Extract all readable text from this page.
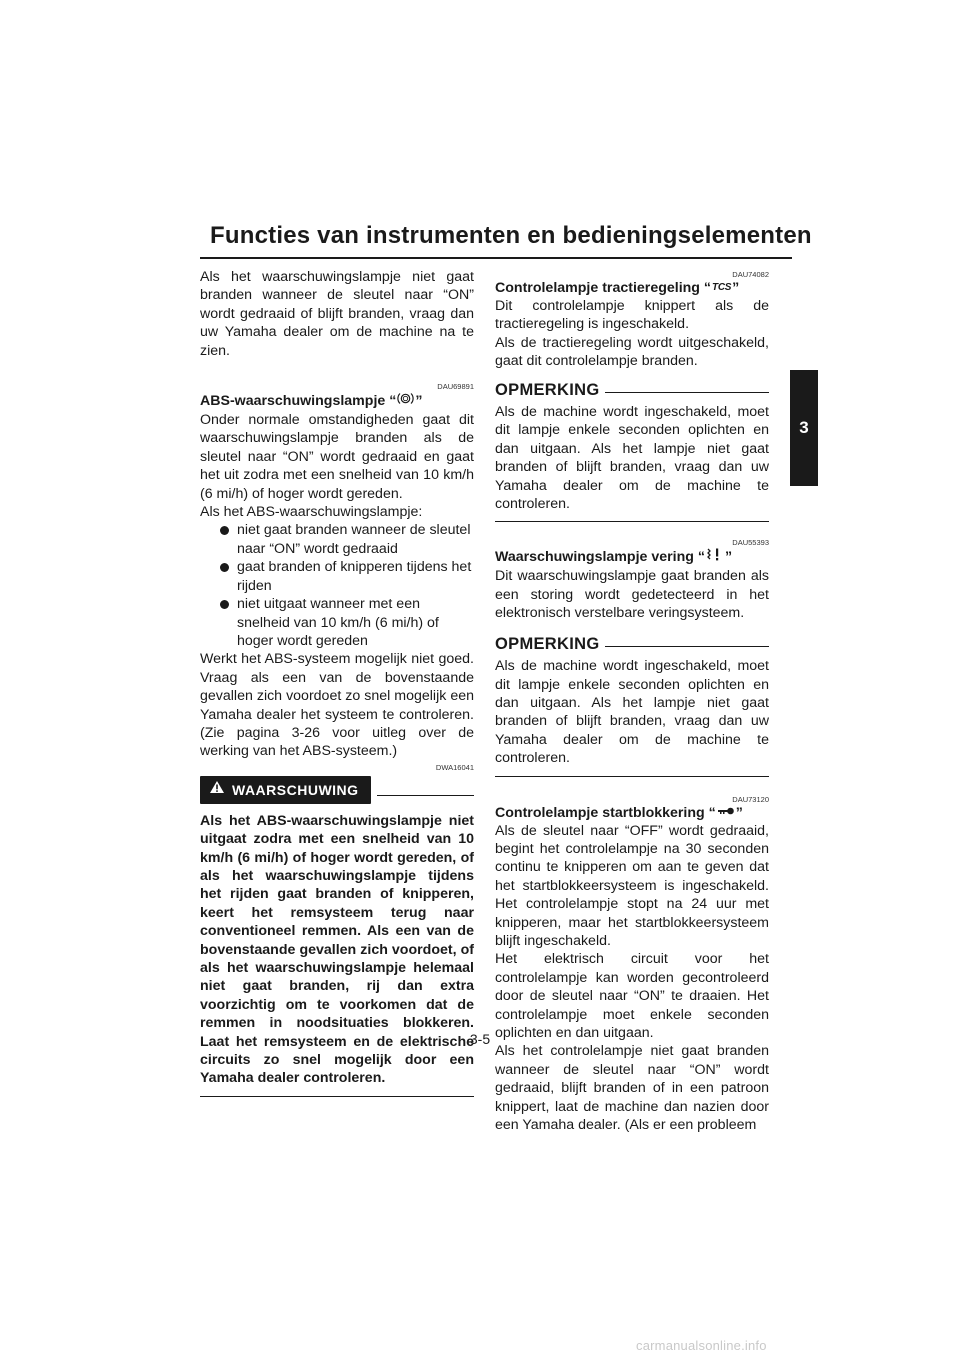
Functies van instrumenten en bedieningselementen
3

Als het waarschuwingslampje niet gaat branden wanneer de sleutel naar “ON” wordt gedraaid of blijft branden, vraag dan uw Yamaha dealer om de machine na te zien.

DAU69891
ABS-waarschuwingslampje “ ”

Onder normale omstandigheden gaat dit waarschuwingslampje branden als de sleutel naar “ON” wordt gedraaid en gaat het uit zodra met een snelheid van 10 km/h (6 mi/h) of hoger wordt gereden.

Als het ABS-waarschuwingslampje:

niet gaat branden wanneer de sleutel naar “ON” wordt gedraaid
gaat branden of knipperen tijdens het rijden
niet uitgaat wanneer met een snelheid van 10 km/h (6 mi/h) of hoger wordt gereden

Werkt het ABS-systeem mogelijk niet goed. Vraag als een van de bovenstaande gevallen zich voordoet zo snel mogelijk een Yamaha dealer het systeem te controleren. (Zie pagina 3-26 voor uitleg over de werking van het ABS-systeem.)

DWA16041
WAARSCHUWING

Als het ABS-waarschuwingslampje niet uitgaat zodra met een snelheid van 10 km/h (6 mi/h) of hoger wordt gereden, of als het waarschuwingslampje tijdens het rijden gaat branden of knipperen, keert het remsysteem terug naar conventioneel remmen. Als een van de bovenstaande gevallen zich voordoet, of als het waarschuwingslampje helemaal niet gaat branden, rij dan extra voorzichtig om te voorkomen dat de remmen in noodsituaties blokkeren. Laat het remsysteem en de elektrische circuits zo snel mogelijk door een Yamaha dealer controleren.

DAU74082
Controlelampje tractieregeling “ TCS ”

Dit controlelampje knippert als de tractieregeling is ingeschakeld.

Als de tractieregeling wordt uitgeschakeld, gaat dit controlelampje branden.

OPMERKING

Als de machine wordt ingeschakeld, moet dit lampje enkele seconden oplichten en dan uitgaan. Als het lampje niet gaat branden of blijft branden, vraag dan uw Yamaha dealer om de machine te controleren.

DAU55393
Waarschuwingslampje vering “ ”

Dit waarschuwingslampje gaat branden als een storing wordt gedetecteerd in het elektronisch verstelbare veringsysteem.

OPMERKING

Als de machine wordt ingeschakeld, moet dit lampje enkele seconden oplichten en dan uitgaan. Als het lampje niet gaat branden of blijft branden, vraag dan uw Yamaha dealer om de machine te controleren.

DAU73120
Controlelampje startblokkering “ ”

Als de sleutel naar “OFF” wordt gedraaid, begint het controlelampje na 30 seconden continu te knipperen om aan te geven dat het startblokkeersysteem is ingeschakeld. Het controlelampje stopt na 24 uur met knipperen, maar het startblokkeersysteem blijft ingeschakeld.

Het elektrisch circuit voor het controlelampje kan worden gecontroleerd door de sleutel naar “ON” te draaien. Het controlelampje moet enkele seconden oplichten en dan uitgaan.

Als het controlelampje niet gaat branden wanneer de sleutel naar “ON” wordt gedraaid, blijft branden of in een patroon knippert, laat de machine dan nazien door een Yamaha dealer. (Als er een probleem

3-5
carmanualsonline.info
